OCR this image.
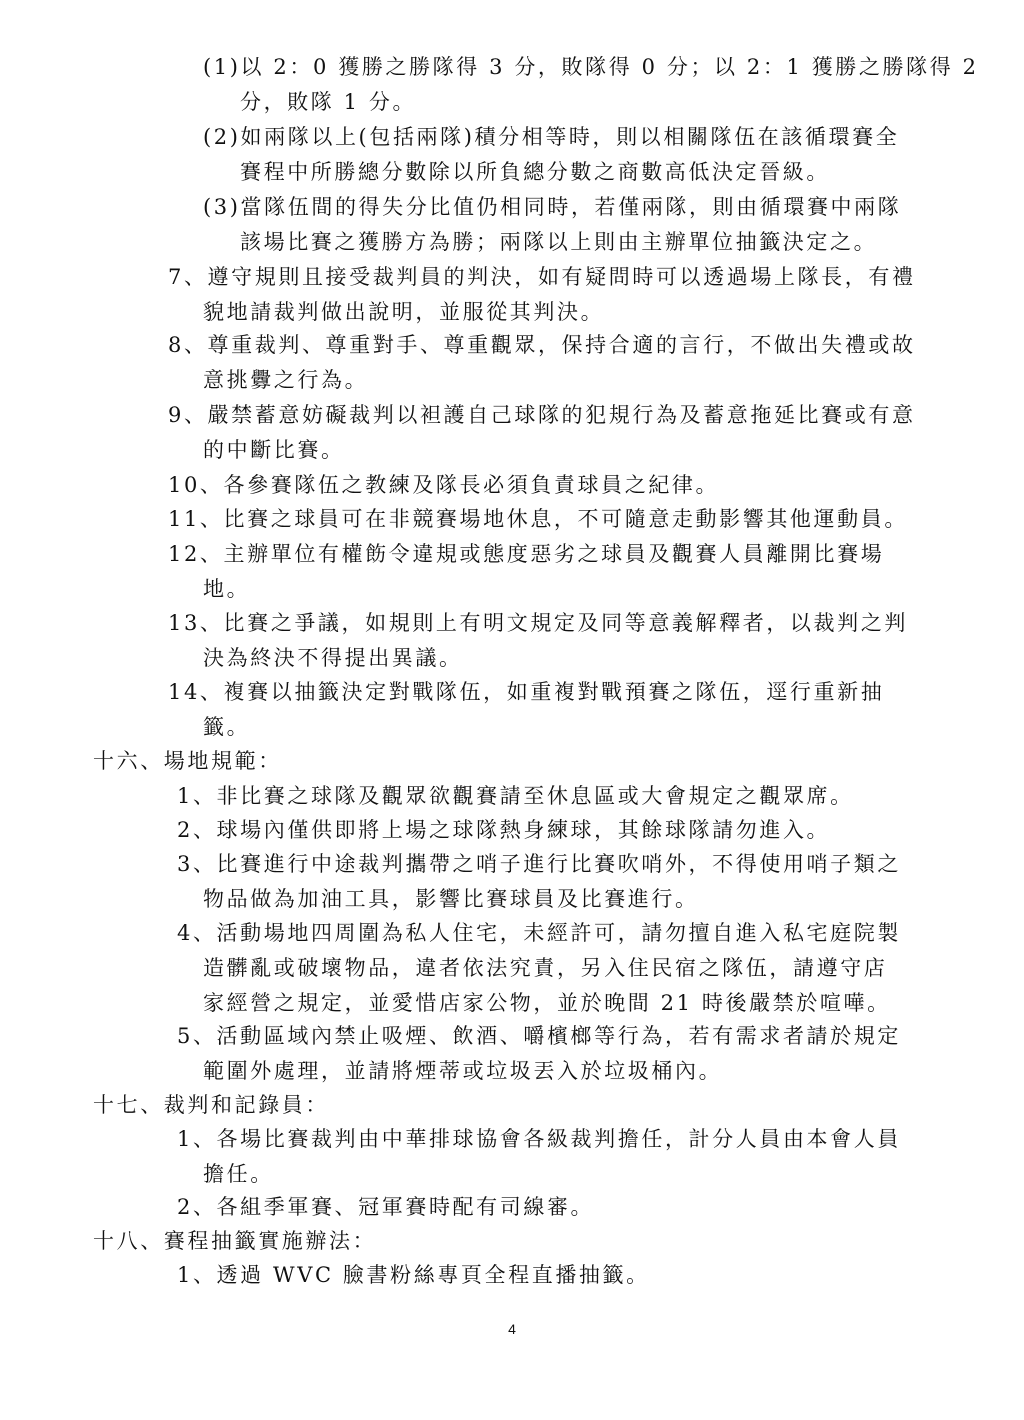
(1)以 2：0 獲勝之勝隊得 3 分，敗隊得 0 分；以 2：1 獲勝之勝隊得 2
分，敗隊 1 分。
(2)如兩隊以上(包括兩隊)積分相等時，則以相關隊伍在該循環賽全
賽程中所勝總分數除以所負總分數之商數高低決定晉級。
(3)當隊伍間的得失分比值仍相同時，若僅兩隊，則由循環賽中兩隊
該場比賽之獲勝方為勝；兩隊以上則由主辦單位抽籤決定之。
7、遵守規則且接受裁判員的判決，如有疑問時可以透過場上隊長，有禮
貌地請裁判做出說明，並服從其判決。
8、尊重裁判、尊重對手、尊重觀眾，保持合適的言行，不做出失禮或故
意挑釁之行為。
9、嚴禁蓄意妨礙裁判以袒護自己球隊的犯規行為及蓄意拖延比賽或有意
的中斷比賽。
10、各參賽隊伍之教練及隊長必須負責球員之紀律。
11、比賽之球員可在非競賽場地休息，不可隨意走動影響其他運動員。
12、主辦單位有權飭令違規或態度惡劣之球員及觀賽人員離開比賽場
地。
13、比賽之爭議，如規則上有明文規定及同等意義解釋者，以裁判之判
決為終決不得提出異議。
14、複賽以抽籤決定對戰隊伍，如重複對戰預賽之隊伍，逕行重新抽
籤。
十六、場地規範：
1、非比賽之球隊及觀眾欲觀賽請至休息區或大會規定之觀眾席。
2、球場內僅供即將上場之球隊熱身練球，其餘球隊請勿進入。
3、比賽進行中途裁判攜帶之哨子進行比賽吹哨外，不得使用哨子類之
物品做為加油工具，影響比賽球員及比賽進行。
4、活動場地四周圍為私人住宅，未經許可，請勿擅自進入私宅庭院製
造髒亂或破壞物品，違者依法究責，另入住民宿之隊伍，請遵守店
家經營之規定，並愛惜店家公物，並於晚間 21 時後嚴禁於喧嘩。
5、活動區域內禁止吸煙、飲酒、嚼檳榔等行為，若有需求者請於規定
範圍外處理，並請將煙蒂或垃圾丟入於垃圾桶內。
十七、裁判和記錄員：
1、各場比賽裁判由中華排球協會各級裁判擔任，計分人員由本會人員
擔任。
2、各組季軍賽、冠軍賽時配有司線審。
十八、賽程抽籤實施辦法：
1、透過 WVC 臉書粉絲專頁全程直播抽籤。
4
